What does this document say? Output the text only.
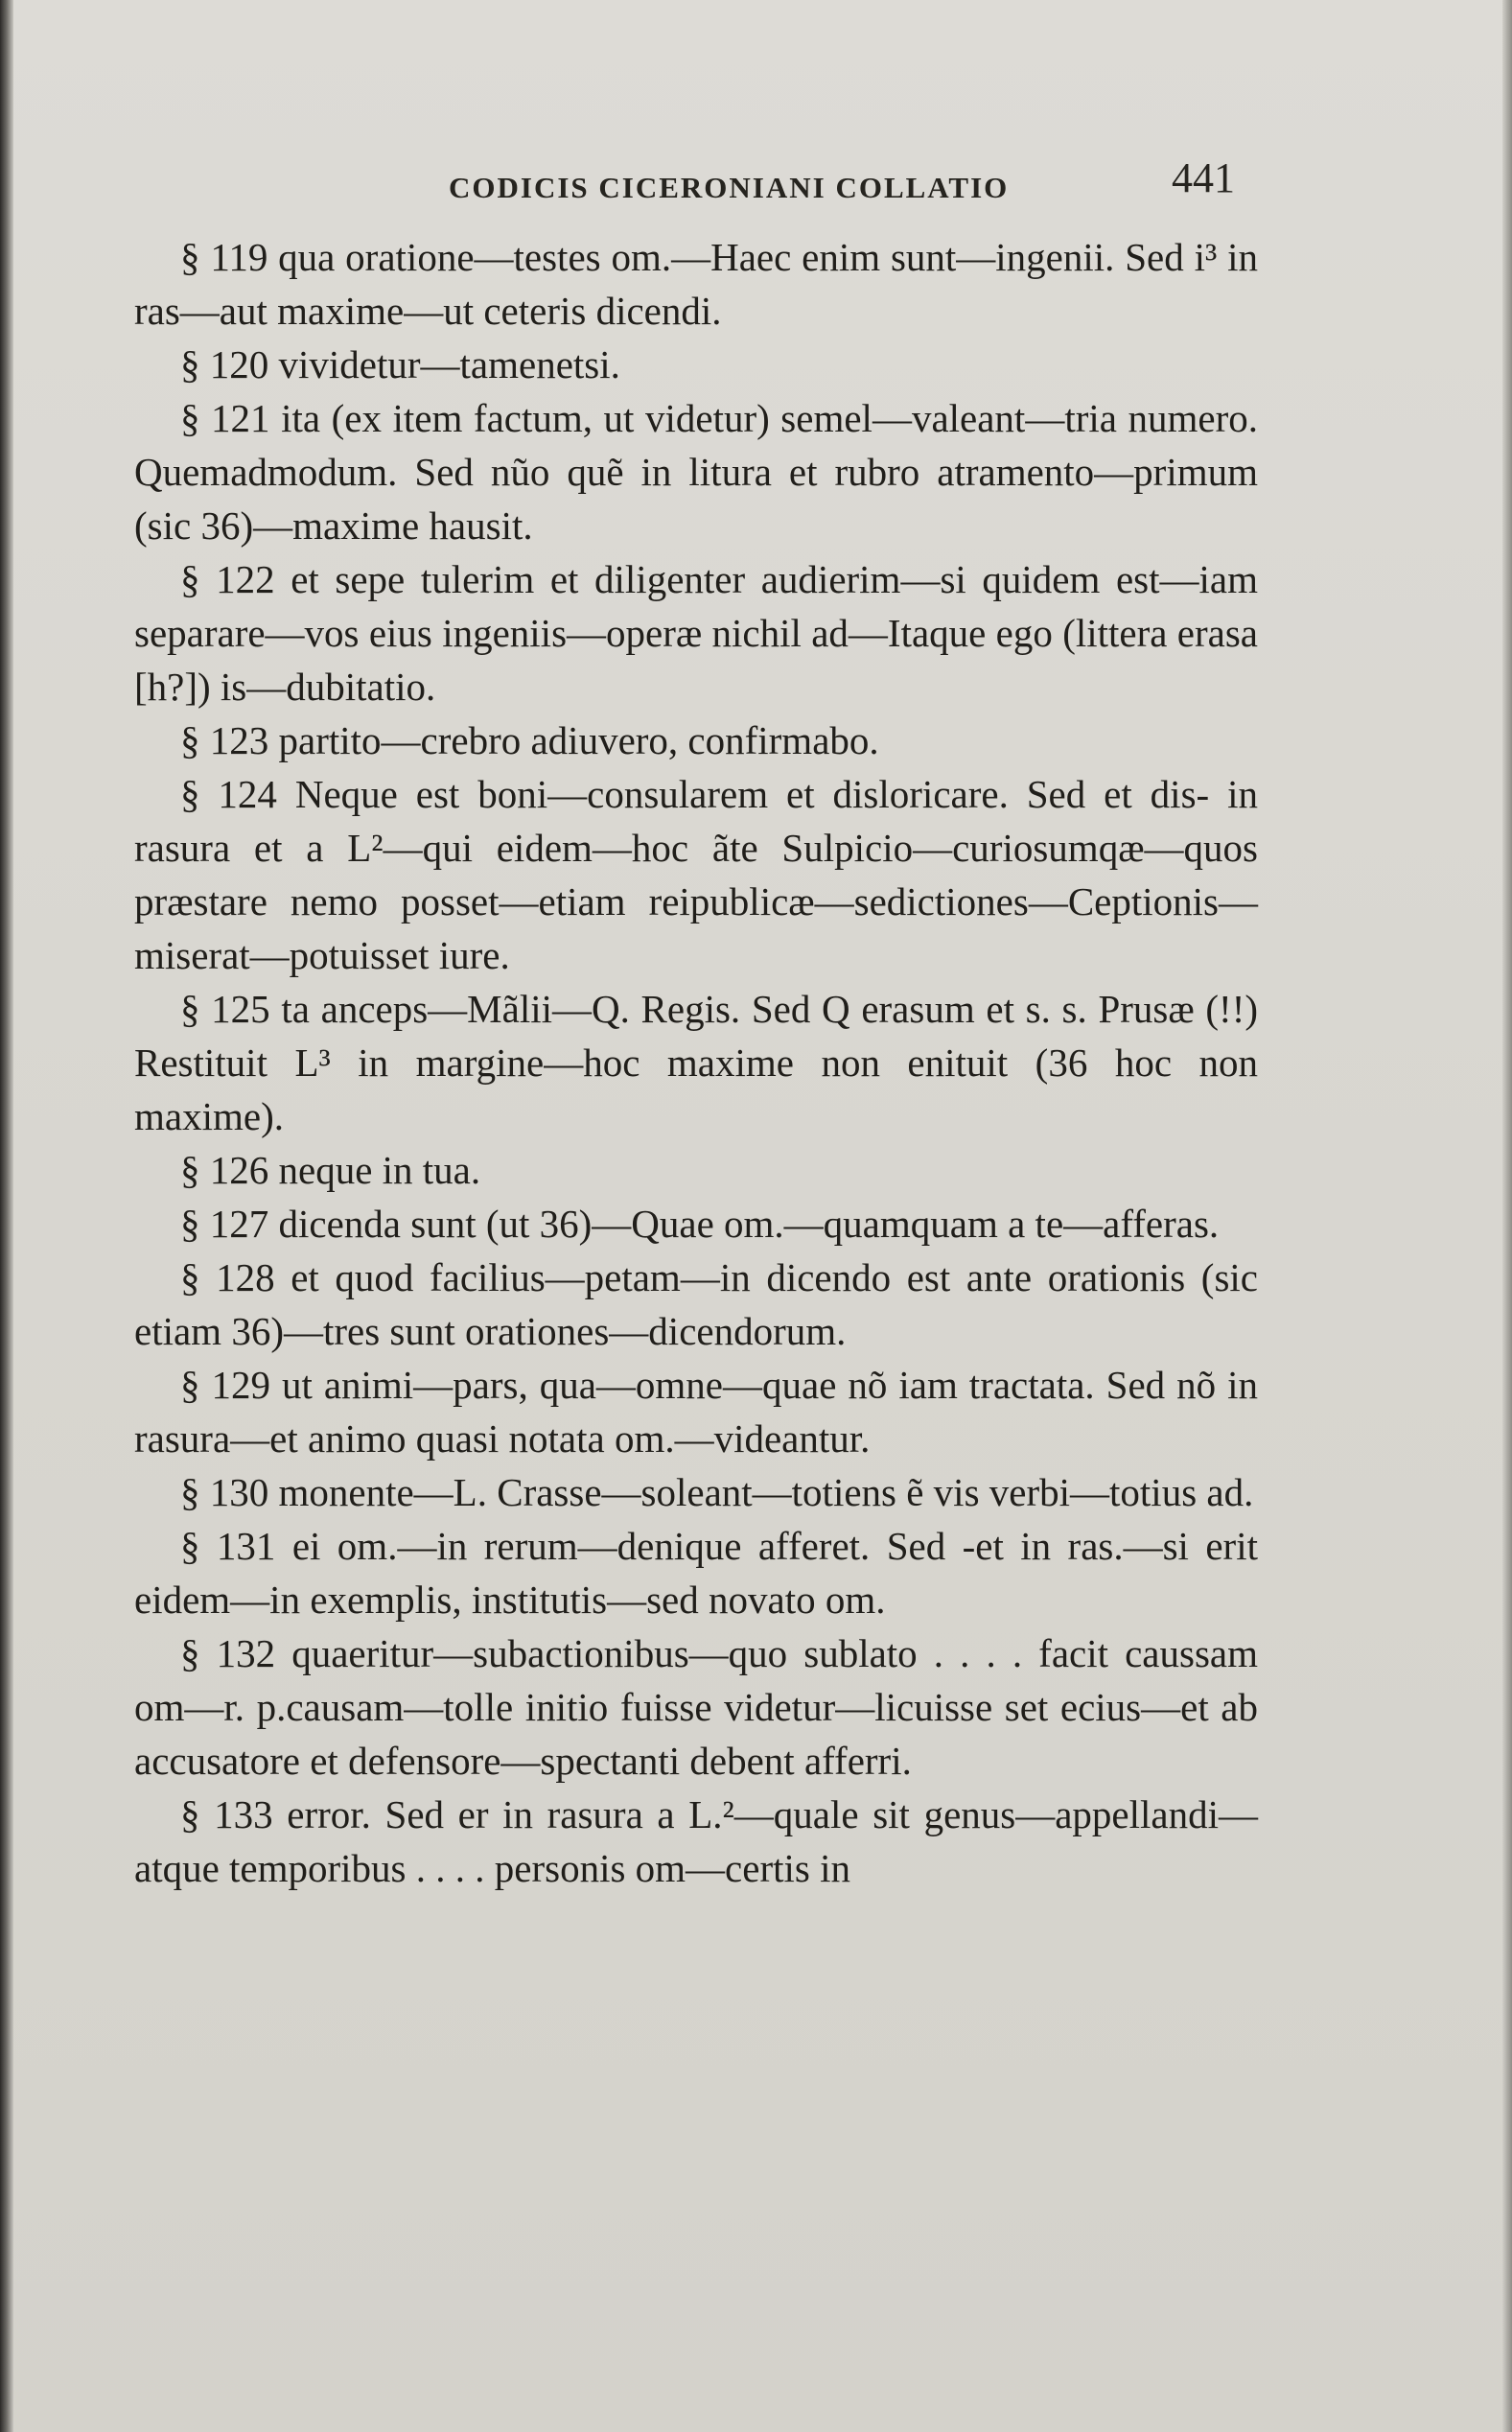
CODICIS CICERONIANI COLLATIO	441

§ 119 qua oratione—testes om.—Haec enim sunt—ingenii. Sed i³ in ras—aut maxime—ut ceteris dicendi.

§ 120 vividetur—tamenetsi.

§ 121 ita (ex item factum, ut videtur) semel—valeant—tria numero. Quemadmodum. Sed nũo quẽ in litura et rubro atramento—primum (sic 36)—maxime hausit.

§ 122 et sepe tulerim et diligenter audierim—si quidem est—iam separare—vos eius ingeniis—operæ nichil ad—Itaque ego (littera erasa [h?]) is—dubitatio.

§ 123 partito—crebro adiuvero, confirmabo.

§ 124 Neque est boni—consularem et disloricare. Sed et dis- in rasura et a L²—qui eidem—hoc ãte Sulpicio—curiosumqæ—quos præstare nemo posset—etiam reipublicæ—sedictiones—Ceptionis—miserat—potuisset iure.

§ 125 ta anceps—Mãlii—Q. Regis. Sed Q erasum et s. s. Prusæ (!!) Restituit L³ in margine—hoc maxime non enituit (36 hoc non maxime).

§ 126 neque in tua.

§ 127 dicenda sunt (ut 36)—Quae om.—quamquam a te—afferas.

§ 128 et quod facilius—petam—in dicendo est ante orationis (sic etiam 36)—tres sunt orationes—dicendorum.

§ 129 ut animi—pars, qua—omne—quae nõ iam tractata. Sed nõ in rasura—et animo quasi notata om.—videantur.

§ 130 monente—L. Crasse—soleant—totiens ẽ vis verbi—totius ad.

§ 131 ei om.—in rerum—denique afferet. Sed -et in ras.—si erit eidem—in exemplis, institutis—sed novato om.

§ 132 quaeritur—subactionibus—quo sublato . . . . facit caussam om—r. p.causam—tolle initio fuisse videtur—licuisse set ecius—et ab accusatore et defensore—spectanti debent afferri.

§ 133 error. Sed er in rasura a L.²—quale sit genus—appellandi—atque temporibus . . . . personis om—certis in
